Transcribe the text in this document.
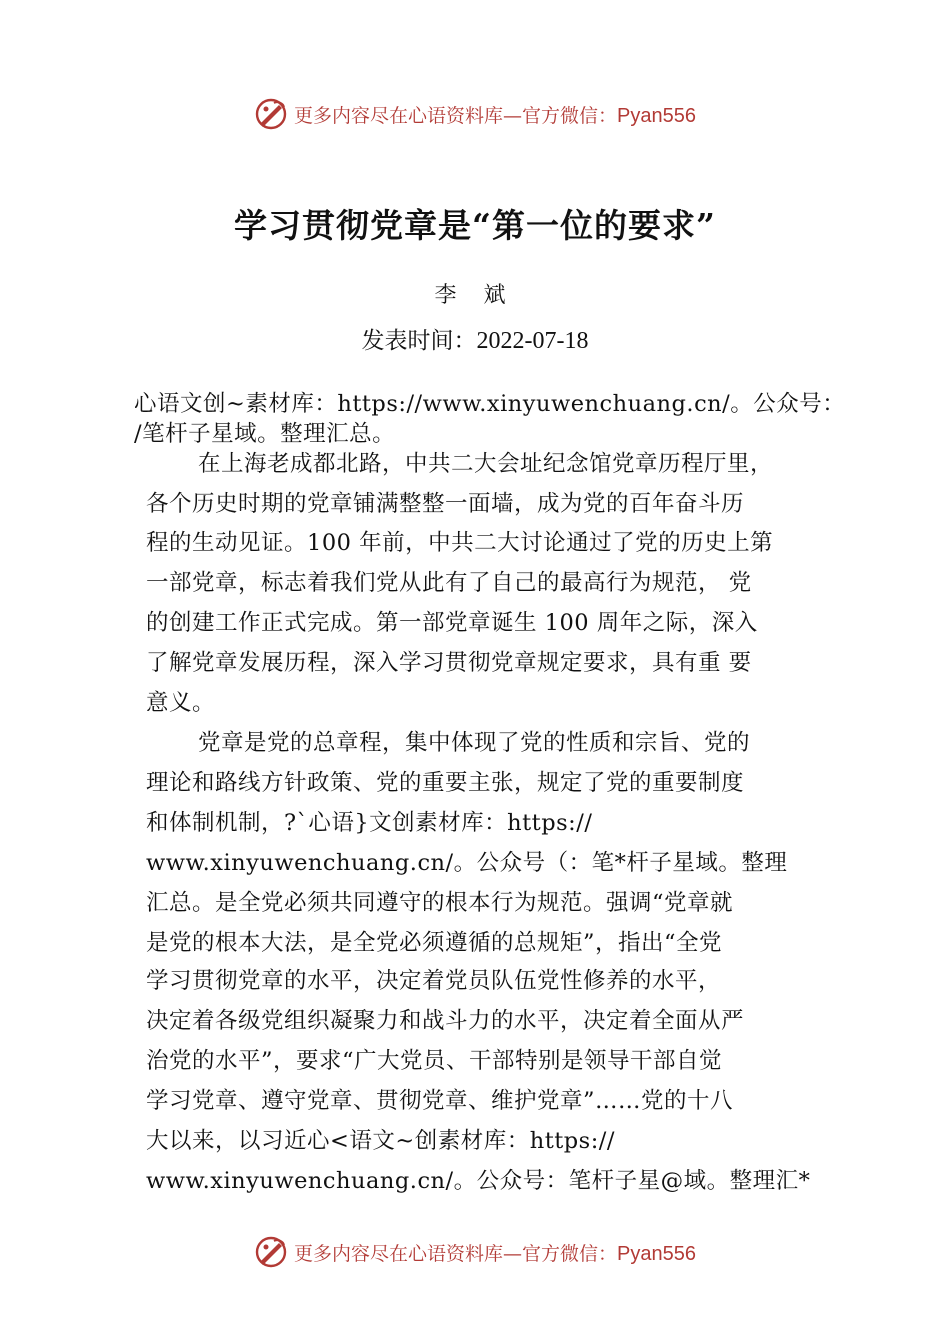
更多内容尽在心语资料库—官方微信：Pyan556
学习贯彻党章是“第一位的要求”
李 斌
发表时间：2022-07-18
心语文创~素材库：https://www.xinyuwenchuang.cn/。公众号：
/笔杆子星域。整理汇总。
在上海老成都北路，中共二大会址纪念馆党章历程厅里，
各个历史时期的党章铺满整整一面墙，成为党的百年奋斗历
程的生动见证。100 年前，中共二大讨论通过了党的历史上第
一部党章，标志着我们党从此有了自己的最高行为规范， 党
的创建工作正式完成。第一部党章诞生 100 周年之际，深入
了解党章发展历程，深入学习贯彻党章规定要求，具有重 要
意义。
党章是党的总章程，集中体现了党的性质和宗旨、党的
理论和路线方针政策、党的重要主张，规定了党的重要制度
和体制机制，?`心语}文创素材库：https://
www.xinyuwenchuang.cn/。公众号（：笔*杆子星域。整理
汇总。是全党必须共同遵守的根本行为规范。强调“党章就
是党的根本大法，是全党必须遵循的总规矩”，指出“全党
学习贯彻党章的水平，决定着党员队伍党性修养的水平，
决定着各级党组织凝聚力和战斗力的水平，决定着全面从严
治党的水平”，要求“广大党员、干部特别是领导干部自觉
学习党章、遵守党章、贯彻党章、维护党章”……党的十八
大以来，以习近心<语文~创素材库：https://
www.xinyuwenchuang.cn/。公众号：笔杆子星@域。整理汇*
更多内容尽在心语资料库—官方微信：Pyan556
